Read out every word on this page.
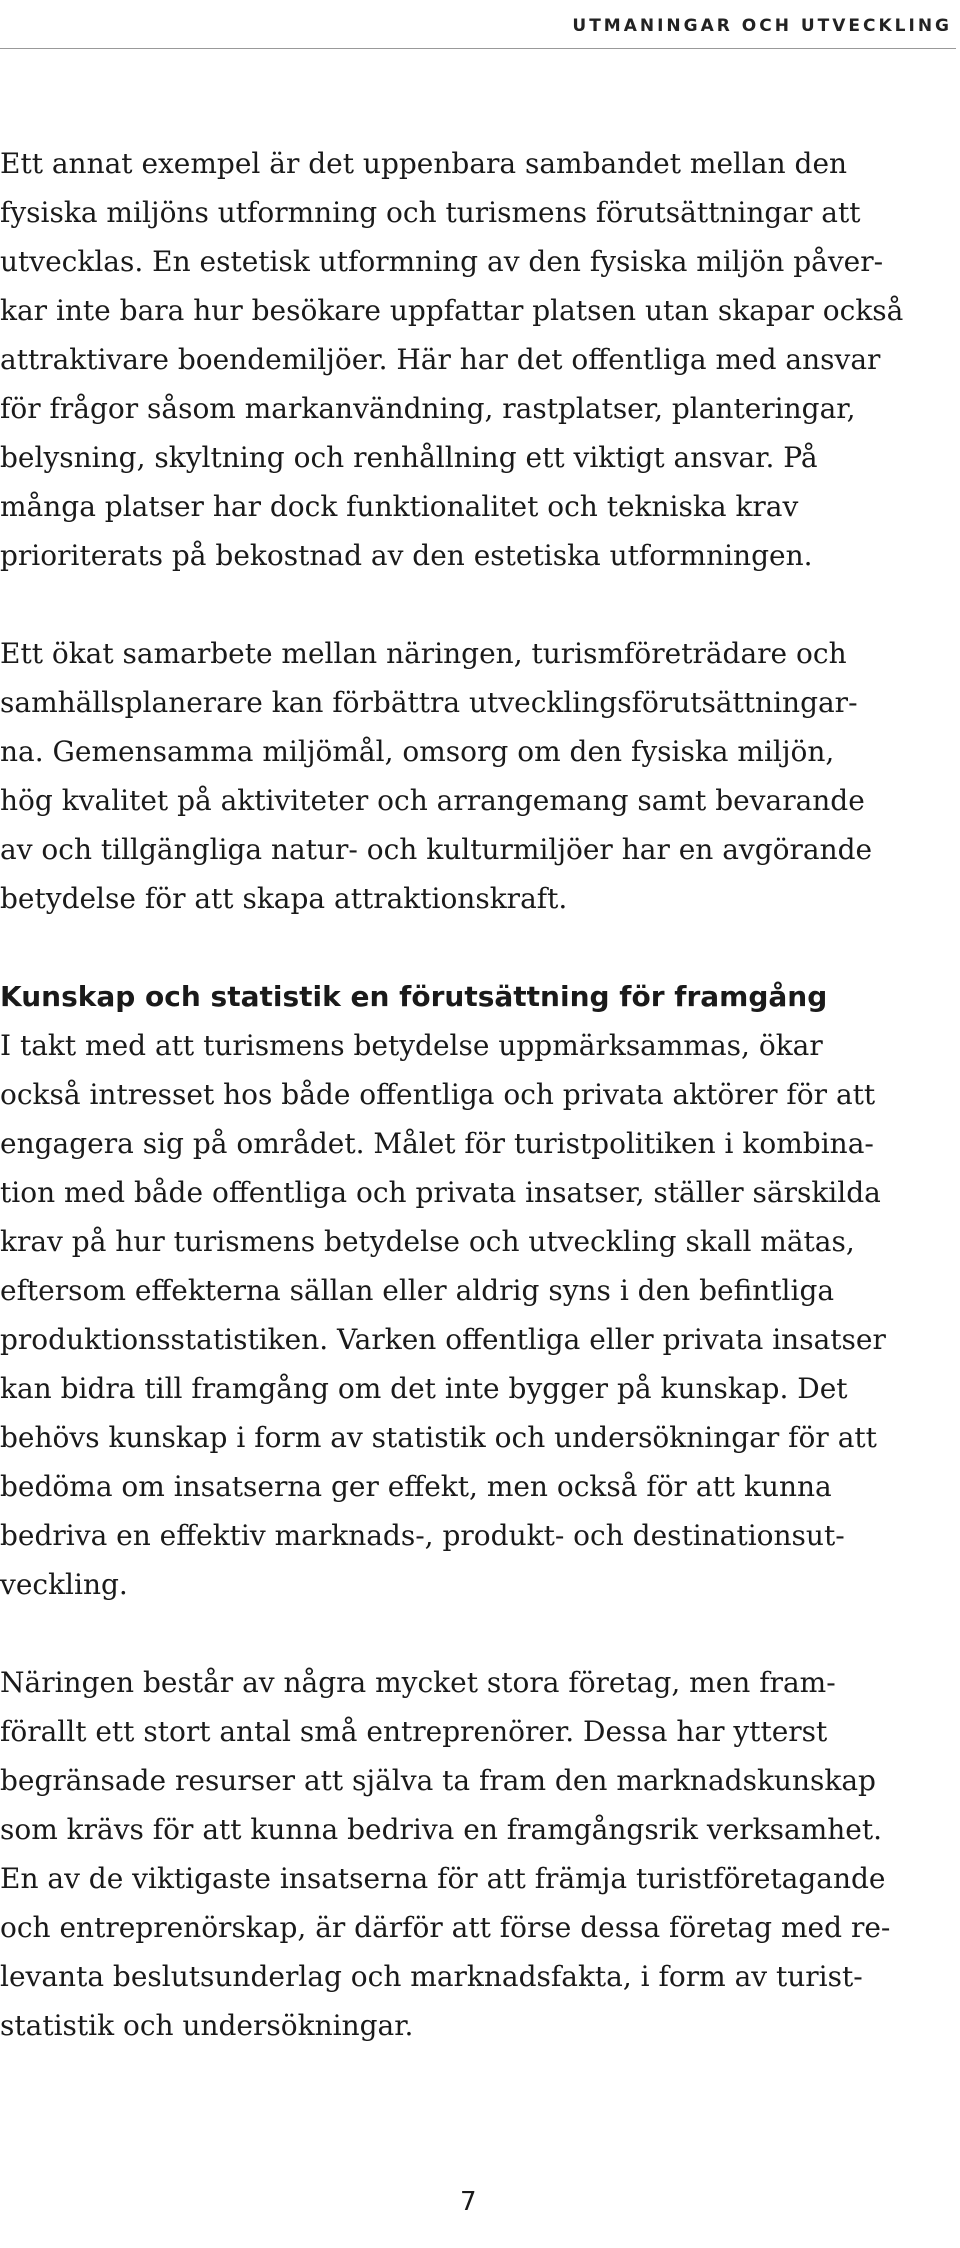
UTMANINGAR OCH UTVECKLING

Ett annat exempel är det uppenbara sambandet mellan den
fysiska miljöns utformning och turismens förutsättningar att
utvecklas. En estetisk utformning av den fysiska miljön påver-
kar inte bara hur besökare uppfattar platsen utan skapar också
attraktivare boendemiljöer. Här har det offentliga med ansvar
för frågor såsom markanvändning, rastplatser, planteringar,
belysning, skyltning och renhållning ett viktigt ansvar. På
många platser har dock funktionalitet och tekniska krav
prioriterats på bekostnad av den estetiska utformningen.

Ett ökat samarbete mellan näringen, turismföreträdare och
samhällsplanerare kan förbättra utvecklingsförutsättningar-
na. Gemensamma miljömål, omsorg om den fysiska miljön,
hög kvalitet på aktiviteter och arrangemang samt bevarande
av och tillgängliga natur- och kulturmiljöer har en avgörande
betydelse för att skapa attraktionskraft.

Kunskap och statistik en förutsättning för framgång

I takt med att turismens betydelse uppmärksammas, ökar
också intresset hos både offentliga och privata aktörer för att
engagera sig på området. Målet för turistpolitiken i kombina-
tion med både offentliga och privata insatser, ställer särskilda
krav på hur turismens betydelse och utveckling skall mätas,
eftersom effekterna sällan eller aldrig syns i den befintliga
produktionsstatistiken. Varken offentliga eller privata insatser
kan bidra till framgång om det inte bygger på kunskap. Det
behövs kunskap i form av statistik och undersökningar för att
bedöma om insatserna ger effekt, men också för att kunna
bedriva en effektiv marknads-, produkt- och destinationsut-
veckling.

Näringen består av några mycket stora företag, men fram-
förallt ett stort antal små entreprenörer. Dessa har ytterst
begränsade resurser att själva ta fram den marknadskunskap
som krävs för att kunna bedriva en framgångsrik verksamhet.
En av de viktigaste insatserna för att främja turistföretagande
och entreprenörskap, är därför att förse dessa företag med re-
levanta beslutsunderlag och marknadsfakta, i form av turist-
statistik och undersökningar.

7
